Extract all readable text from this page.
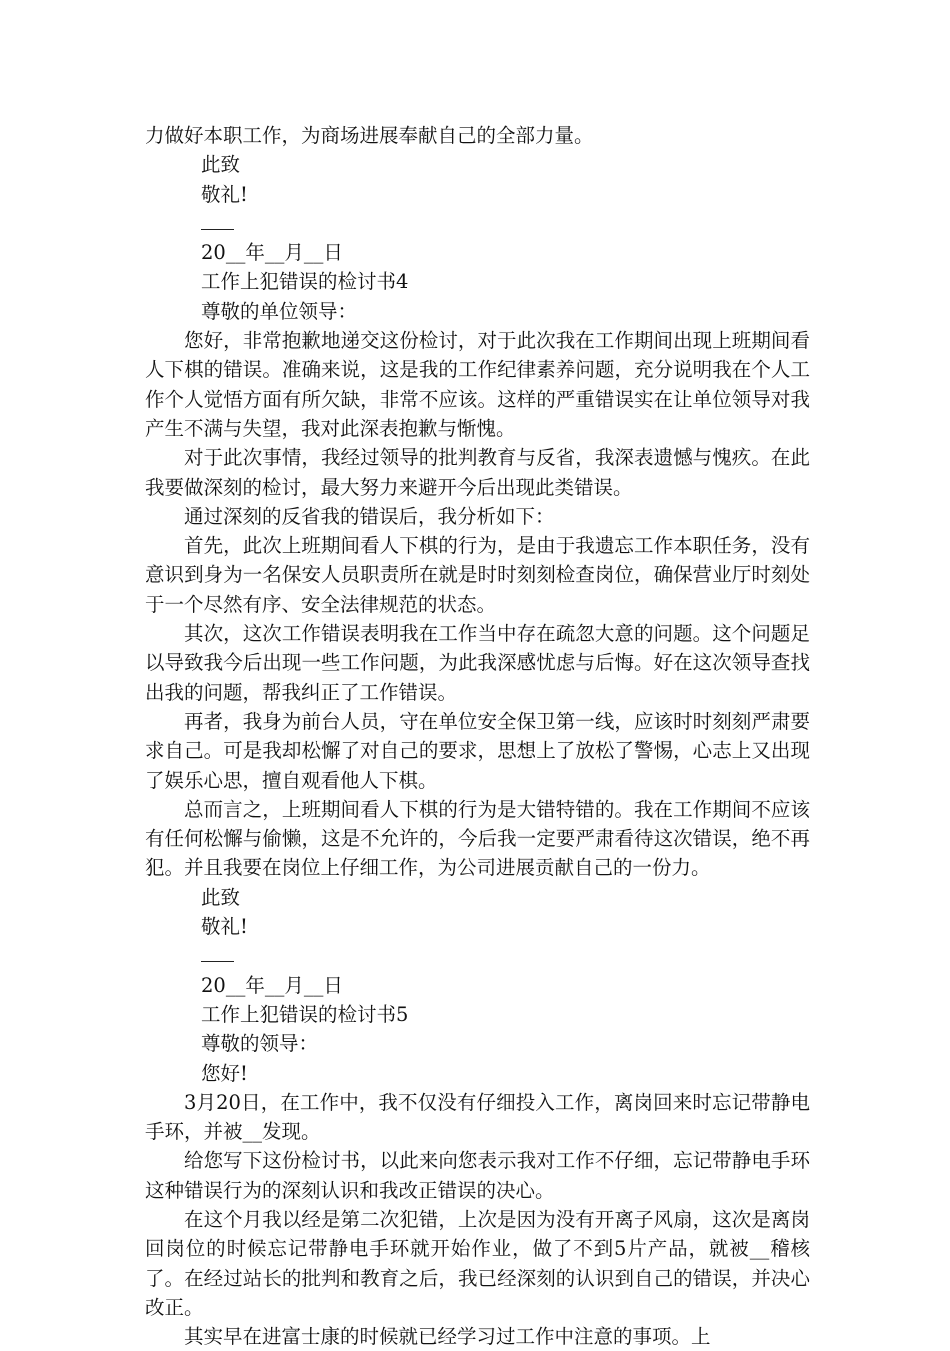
力做好本职工作，为商场进展奉献自己的全部力量。

此致

敬礼!

20__年__月__日

工作上犯错误的检讨书4

尊敬的单位领导：

您好，非常抱歉地递交这份检讨，对于此次我在工作期间出现上班期间看人下棋的错误。准确来说，这是我的工作纪律素养问题，充分说明我在个人工作个人觉悟方面有所欠缺，非常不应该。这样的严重错误实在让单位领导对我产生不满与失望，我对此深表抱歉与惭愧。

对于此次事情，我经过领导的批判教育与反省，我深表遗憾与愧疚。在此我要做深刻的检讨，最大努力来避开今后出现此类错误。

通过深刻的反省我的错误后，我分析如下：

首先，此次上班期间看人下棋的行为，是由于我遗忘工作本职任务，没有意识到身为一名保安人员职责所在就是时时刻刻检查岗位，确保营业厅时刻处于一个尽然有序、安全法律规范的状态。

其次，这次工作错误表明我在工作当中存在疏忽大意的问题。这个问题足以导致我今后出现一些工作问题，为此我深感忧虑与后悔。好在这次领导查找出我的问题，帮我纠正了工作错误。

再者，我身为前台人员，守在单位安全保卫第一线，应该时时刻刻严肃要求自己。可是我却松懈了对自己的要求，思想上了放松了警惕，心志上又出现了娱乐心思，擅自观看他人下棋。

总而言之，上班期间看人下棋的行为是大错特错的。我在工作期间不应该有任何松懈与偷懒，这是不允许的，今后我一定要严肃看待这次错误，绝不再犯。并且我要在岗位上仔细工作，为公司进展贡献自己的一份力。

此致

敬礼!

20__年__月__日

工作上犯错误的检讨书5

尊敬的领导：

您好!

3月20日，在工作中，我不仅没有仔细投入工作，离岗回来时忘记带静电手环，并被__发现。

给您写下这份检讨书，以此来向您表示我对工作不仔细，忘记带静电手环这种错误行为的深刻认识和我改正错误的决心。

在这个月我以经是第二次犯错，上次是因为没有开离子风扇，这次是离岗回岗位的时候忘记带静电手环就开始作业，做了不到5片产品，就被__稽核了。在经过站长的批判和教育之后，我已经深刻的认识到自己的错误，并决心改正。

其实早在进富士康的时候就已经学习过工作中注意的事项。上
